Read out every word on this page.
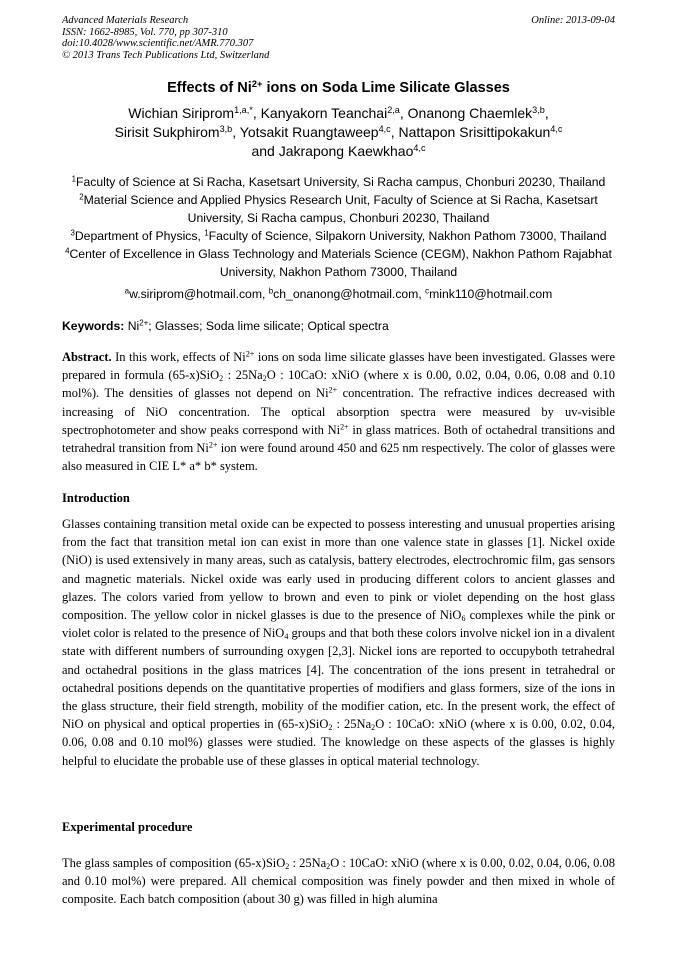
Advanced Materials Research
ISSN: 1662-8985, Vol. 770, pp 307-310
doi:10.4028/www.scientific.net/AMR.770.307
© 2013 Trans Tech Publications Ltd, Switzerland
Online: 2013-09-04
Effects of $Ni^{2+}$ ions on Soda Lime Silicate Glasses
Wichian Siriprom$^{1,a,*}$, Kanyakorn Teanchai$^{2,a}$, Onanong Chaemlek$^{3,b}$,
Sirisit Sukphirom$^{3,b}$, Yotsakit Ruangtaweep$^{4,c}$, Nattapon Srisittipokakun$^{4,c}$
and Jakrapong Kaewkhao$^{4,c}$
$^1$Faculty of Science at Si Racha, Kasetsart University, Si Racha campus, Chonburi 20230, Thailand
$^2$Material Science and Applied Physics Research Unit, Faculty of Science at Si Racha, Kasetsart University, Si Racha campus, Chonburi 20230, Thailand
$^3$Department of Physics, $^1$Faculty of Science, Silpakorn University, Nakhon Pathom 73000, Thailand
$^4$Center of Excellence in Glass Technology and Materials Science (CEGM), Nakhon Pathom Rajabhat University, Nakhon Pathom 73000, Thailand
$^a$w.siriprom@hotmail.com, $^b$ch_onanong@hotmail.com, $^c$mink110@hotmail.com
Keywords: $Ni^{2+}$; Glasses; Soda lime silicate; Optical spectra
Abstract. In this work, effects of $Ni^{2+}$ ions on soda lime silicate glasses have been investigated. Glasses were prepared in formula (65-x)SiO$_2$ : $25Na_2O$ : 10CaO: xNiO (where x is 0.00, 0.02, 0.04, 0.06, 0.08 and 0.10 mol%). The densities of glasses not depend on $Ni^{2+}$ concentration. The refractive indices decreased with increasing of NiO concentration. The optical absorption spectra were measured by uv-visible spectrophotometer and show peaks correspond with $Ni^{2+}$ in glass matrices. Both of octahedral transitions and tetrahedral transition from $Ni^{2+}$ ion were found around 450 and 625 nm respectively. The color of glasses were also measured in CIE L* a* b* system.
Introduction
Glasses containing transition metal oxide can be expected to possess interesting and unusual properties arising from the fact that transition metal ion can exist in more than one valence state in glasses [1]. Nickel oxide (NiO) is used extensively in many areas, such as catalysis, battery electrodes, electrochromic film, gas sensors and magnetic materials. Nickel oxide was early used in producing different colors to ancient glasses and glazes. The colors varied from yellow to brown and even to pink or violet depending on the host glass composition. The yellow color in nickel glasses is due to the presence of NiO$_6$ complexes while the pink or violet color is related to the presence of NiO$_4$ groups and that both these colors involve nickel ion in a divalent state with different numbers of surrounding oxygen [2,3]. Nickel ions are reported to occupyboth tetrahedral and octahedral positions in the glass matrices [4]. The concentration of the ions present in tetrahedral or octahedral positions depends on the quantitative properties of modifiers and glass formers, size of the ions in the glass structure, their field strength, mobility of the modifier cation, etc. In the present work, the effect of NiO on physical and optical properties in (65-x)SiO$_2$ : $25Na_2O$ : 10CaO: xNiO (where x is 0.00, 0.02, 0.04, 0.06, 0.08 and 0.10 mol%) glasses were studied. The knowledge on these aspects of the glasses is highly helpful to elucidate the probable use of these glasses in optical material technology.
Experimental procedure
The glass samples of composition (65-x)SiO$_2$ : $25Na_2O$ : 10CaO: xNiO (where x is 0.00, 0.02, 0.04, 0.06, 0.08 and 0.10 mol%) were prepared. All chemical composition was finely powder and then mixed in whole of composite. Each batch composition (about 30 g) was filled in high alumina
